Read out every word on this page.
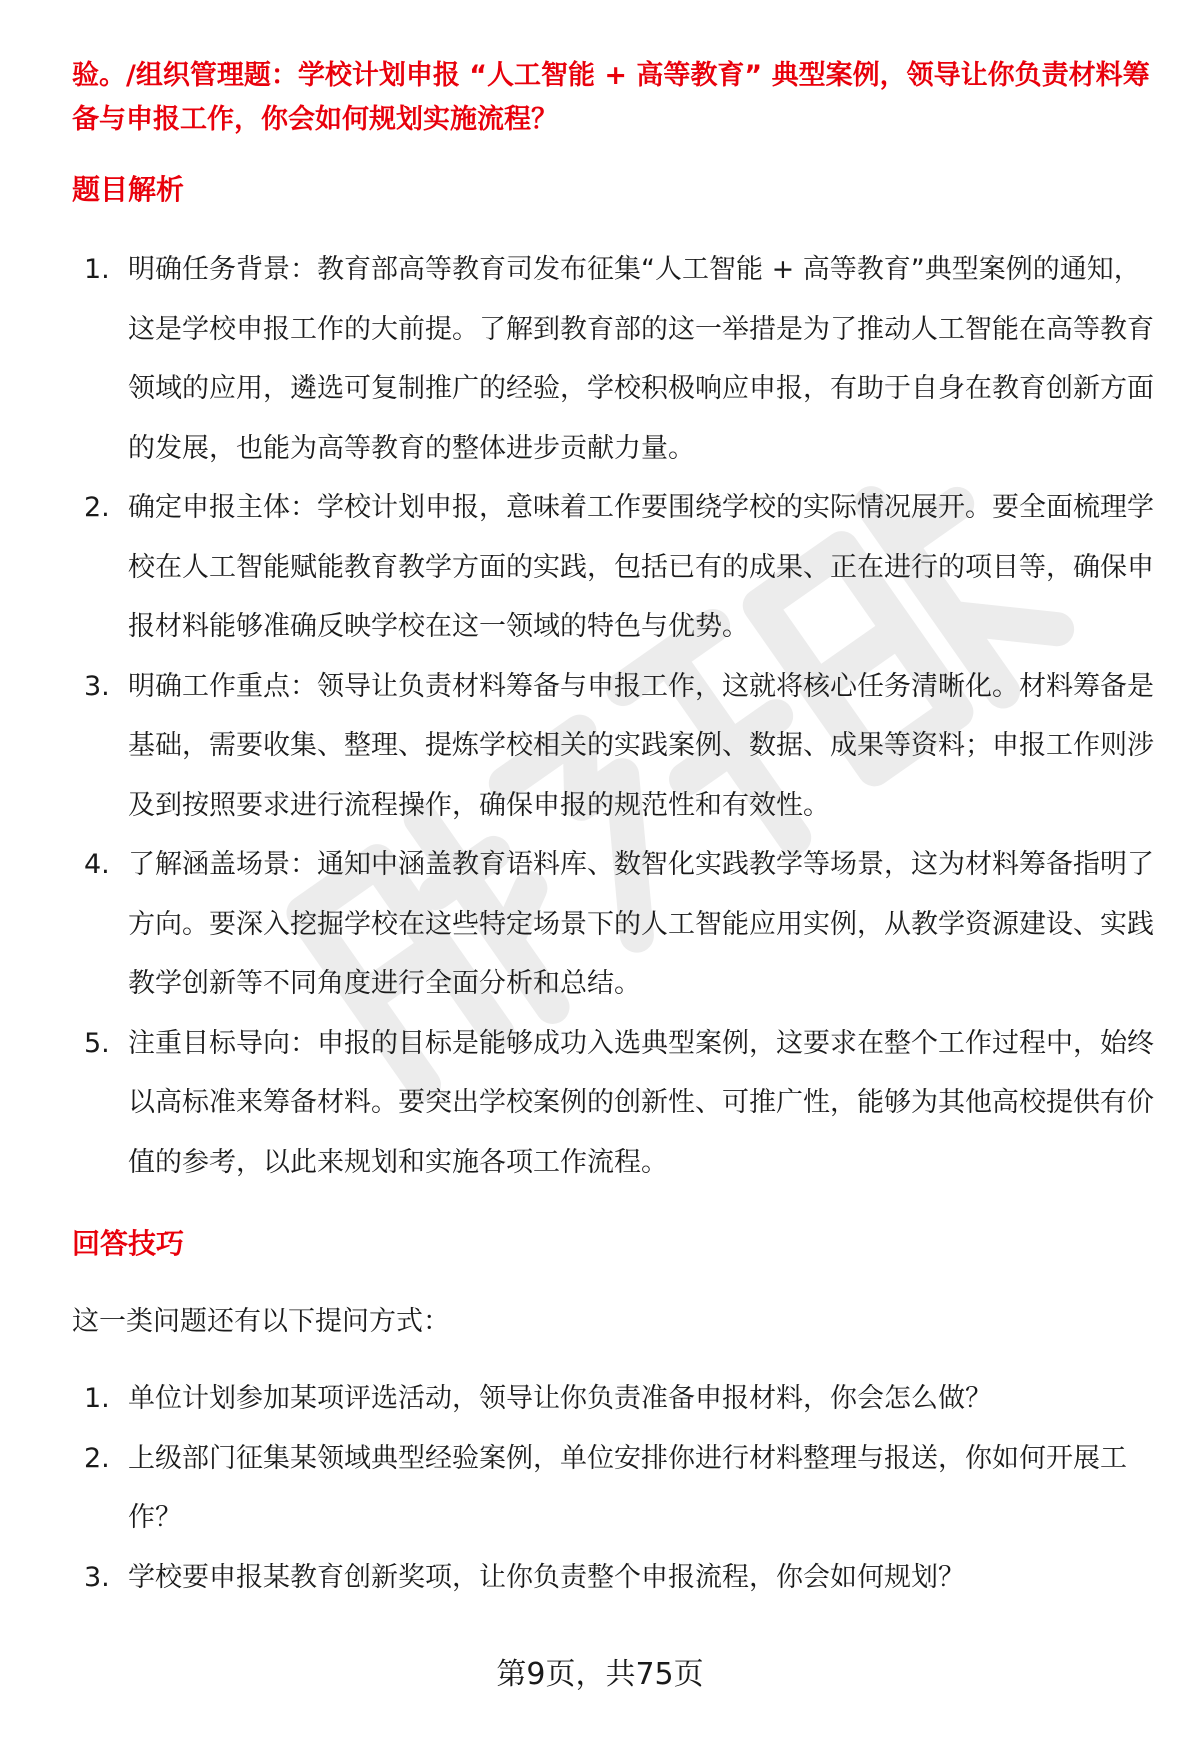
验。/组织管理题：学校计划申报 “人工智能 + 高等教育” 典型案例，领导让你负责材料筹备与申报工作，你会如何规划实施流程？

题目解析
1. 明确任务背景：教育部高等教育司发布征集“人工智能 + 高等教育”典型案例的通知，这是学校申报工作的大前提。了解到教育部的这一举措是为了推动人工智能在高等教育领域的应用，遴选可复制推广的经验，学校积极响应申报，有助于自身在教育创新方面的发展，也能为高等教育的整体进步贡献力量。
2. 确定申报主体：学校计划申报，意味着工作要围绕学校的实际情况展开。要全面梳理学校在人工智能赋能教育教学方面的实践，包括已有的成果、正在进行的项目等，确保申报材料能够准确反映学校在这一领域的特色与优势。
3. 明确工作重点：领导让负责材料筹备与申报工作，这就将核心任务清晰化。材料筹备是基础，需要收集、整理、提炼学校相关的实践案例、数据、成果等资料；申报工作则涉及到按照要求进行流程操作，确保申报的规范性和有效性。
4. 了解涵盖场景：通知中涵盖教育语料库、数智化实践教学等场景，这为材料筹备指明了方向。要深入挖掘学校在这些特定场景下的人工智能应用实例，从教学资源建设、实践教学创新等不同角度进行全面分析和总结。
5. 注重目标导向：申报的目标是能够成功入选典型案例，这要求在整个工作过程中，始终以高标准来筹备材料。要突出学校案例的创新性、可推广性，能够为其他高校提供有价值的参考，以此来规划和实施各项工作流程。
回答技巧

这一类问题还有以下提问方式：

1. 单位计划参加某项评选活动，领导让你负责准备申报材料，你会怎么做？
2. 上级部门征集某领域典型经验案例，单位安排你进行材料整理与报送，你如何开展工作？
3. 学校要申报某教育创新奖项，让你负责整个申报流程，你会如何规划？
第9页，共75页
